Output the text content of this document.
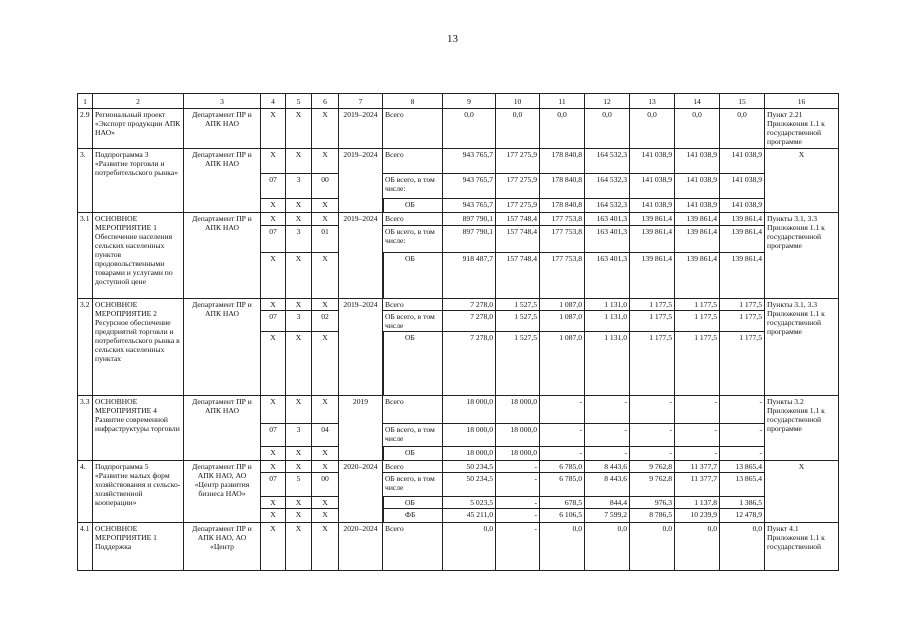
13
1	2	3	4	5	6	7	8	9	10	11	12	13	14	15	16
2.9	Региональный проект «Экспорт продукции АПК НАО»	Департамент ПР и АПК НАО	X	X	X	2019–2024	Всего	0,0	0,0	0,0	0,0	0,0	0,0	0,0	Пункт 2.21 Приложения 1.1 к государственной программе
3.	Подпрограмма 3 «Развитие торговли и потребительского рынка»	Департамент ПР и АПК НАО	X	X	X	2019–2024	Всего	943 765,7	177 275,9	178 840,8	164 532,3	141 038,9	141 038,9	141 038,9	X
			07	3	00		ОБ всего, в том числе:	943 765,7	177 275,9	178 840,8	164 532,3	141 038,9	141 038,9	141 038,9	
			X	X	X		ОБ	943 765,7	177 275,9	178 840,8	164 532,3	141 038,9	141 038,9	141 038,9	
3.1	ОСНОВНОЕ МЕРОПРИЯТИЕ 1 Обеспечение населения сельских населенных пунктов продовольственными товарами и услугами по доступной цене	Департамент ПР и АПК НАО	X	X	X	2019–2024	Всего	897 790,1	157 748,4	177 753,8	163 401,3	139 861,4	139 861,4	139 861,4	Пункты 3.1, 3.3 Приложения 1.1 к государственной программе
			07	3	01		ОБ всего, в том числе:	897 790,1	157 748,4	177 753,8	163 401,3	139 861,4	139 861,4	139 861,4	
			X	X	X		ОБ	918 487,7	157 748,4	177 753,8	163 401,3	139 861,4	139 861,4	139 861,4	
3.2	ОСНОВНОЕ МЕРОПРИЯТИЕ 2 Ресурсное обеспечение предприятий торговли и потребительского рынка в сельских населенных пунктах	Департамент ПР и АПК НАО	X	X	X	2019–2024	Всего	7 278,0	1 527,5	1 087,0	1 131,0	1 177,5	1 177,5	1 177,5	Пункты 3.1, 3.3 Приложения 1.1 к государственной программе
			07	3	02		ОБ всего, в том числе	7 278,0	1 527,5	1 087,0	1 131,0	1 177,5	1 177,5	1 177,5	
			X	X	X		ОБ	7 278,0	1 527,5	1 087,0	1 131,0	1 177,5	1 177,5	1 177,5	
3.3	ОСНОВНОЕ МЕРОПРИЯТИЕ 4 Развитие современной инфраструктуры торговли	Департамент ПР и АПК НАО	X	X	X	2019	Всего	18 000,0	18 000,0	-	-	-	-	-	Пункты 3.2 Приложения 1.1 к государственной программе
			07	3	04		ОБ всего, в том числе	18 000,0	18 000,0	-	-	-	-	-	
			X	X	X		ОБ	18 000,0	18 000,0	-	-	-	-	-	
4.	Подпрограмма 5 «Развитие малых форм хозяйствования и сельско-хозяйственной кооперации»	Департамент ПР и АПК НАО, АО «Центр развития бизнеса НАО»	X	X	X	2020–2024	Всего	50 234,5	-	6 785,0	8 443,6	9 762,8	11 377,7	13 865,4	X
			07	5	00		ОБ всего, в том числе	50 234,5	-	6 785,0	8 443,6	9 762,8	11 377,7	13 865,4	
			X	X	X		ОБ	5 023,5	-	678,5	844,4	976,3	1 137,8	1 386,5	
			X	X	X		ФБ	45 211,0	-	6 106,5	7 599,2	8 786,5	10 239,9	12 478,9	
4.1	ОСНОВНОЕ МЕРОПРИЯТИЕ 1 Поддержка	Департамент ПР и АПК НАО, АО «Центр	X	X	X	2020–2024	Всего	0,0	-	0,0	0,0	0,0	0,0	0,0	Пункт 4.1 Приложения 1.1 к государственной
